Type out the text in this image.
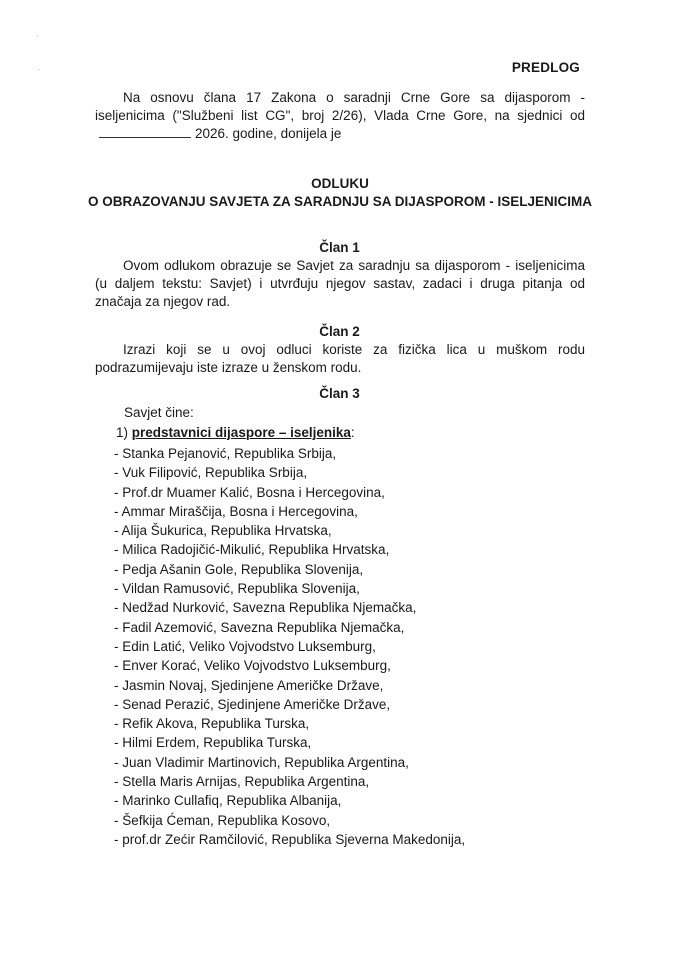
·
·	PREDLOG
Na osnovu člana 17 Zakona o saradnji Crne Gore sa dijasporom - iseljenicima ("Službeni list CG", broj 2/26), Vlada Crne Gore, na sjednici od2026. godine, donijela je
ODLUKU
O OBRAZOVANJU SAVJETA ZA SARADNJU SA DIJASPOROM - ISELJENICIMA
Član 1
Ovom odlukom obrazuje se Savjet za saradnju sa dijasporom - iseljenicima (u daljem tekstu: Savjet) i utvrđuju njegov sastav, zadaci i druga pitanja od značaja za njegov rad.
Član 2
Izrazi koji se u ovoj odluci koriste za fizička lica u muškom rodu podrazumijevaju iste izraze u ženskom rodu.
Član 3
Savjet čine:
1) predstavnici dijaspore – iseljenika:
- Stanka Pejanović, Republika Srbija,
- Vuk Filipović, Republika Srbija,
- Prof.dr Muamer Kalić, Bosna i Hercegovina,
- Ammar Miraščija, Bosna i Hercegovina,
- Alija Šukurica, Republika Hrvatska,
- Milica Radojičić-Mikulić, Republika Hrvatska,
- Pedja Ašanin Gole, Republika Slovenija,
- Vildan Ramusović, Republika Slovenija,
- Nedžad Nurković, Savezna Republika Njemačka,
- Fadil Azemović, Savezna Republika Njemačka,
- Edin Latić, Veliko Vojvodstvo Luksemburg,
- Enver Korać, Veliko Vojvodstvo Luksemburg,
- Jasmin Novaj, Sjedinjene Američke Države,
- Senad Perazić, Sjedinjene Američke Države,
- Refik Akova, Republika Turska,
- Hilmi Erdem, Republika Turska,
- Juan Vladimir Martinovich, Republika Argentina,
- Stella Maris Arnijas, Republika Argentina,
- Marinko Cullafiq, Republika Albanija,
- Šefkija Ćeman, Republika Kosovo,
- prof.dr Zećir Ramčilović, Republika Sjeverna Makedonija,
